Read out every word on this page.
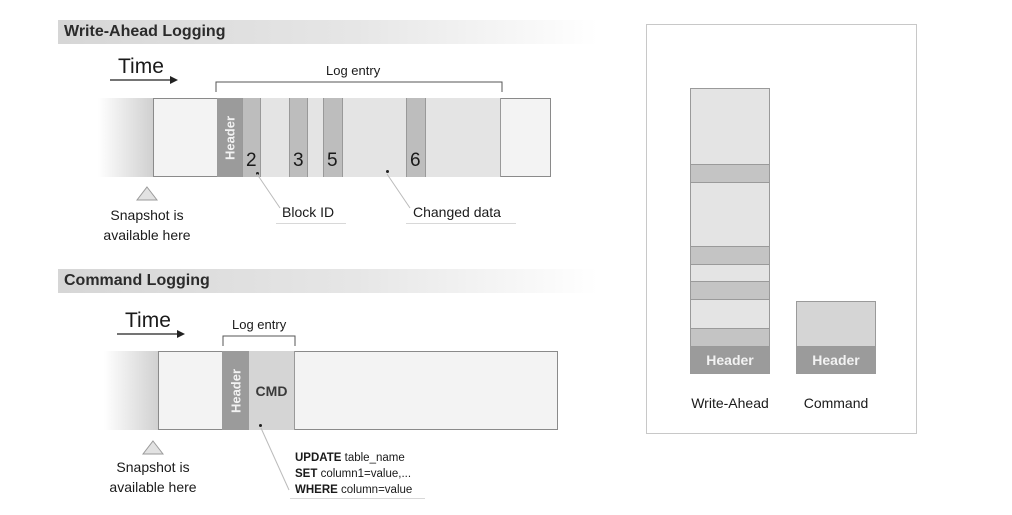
Write-Ahead Logging
Time	Log entry
Header
2 3 5	6
Block ID	Changed data
Snapshot is
available here
Command Logging
Time	Log entry
Header CMD
UPDATE table_name
SET column1=value,...
WHERE column=value
Snapshot is
available here
Header	Header
Write-Ahead	Command
